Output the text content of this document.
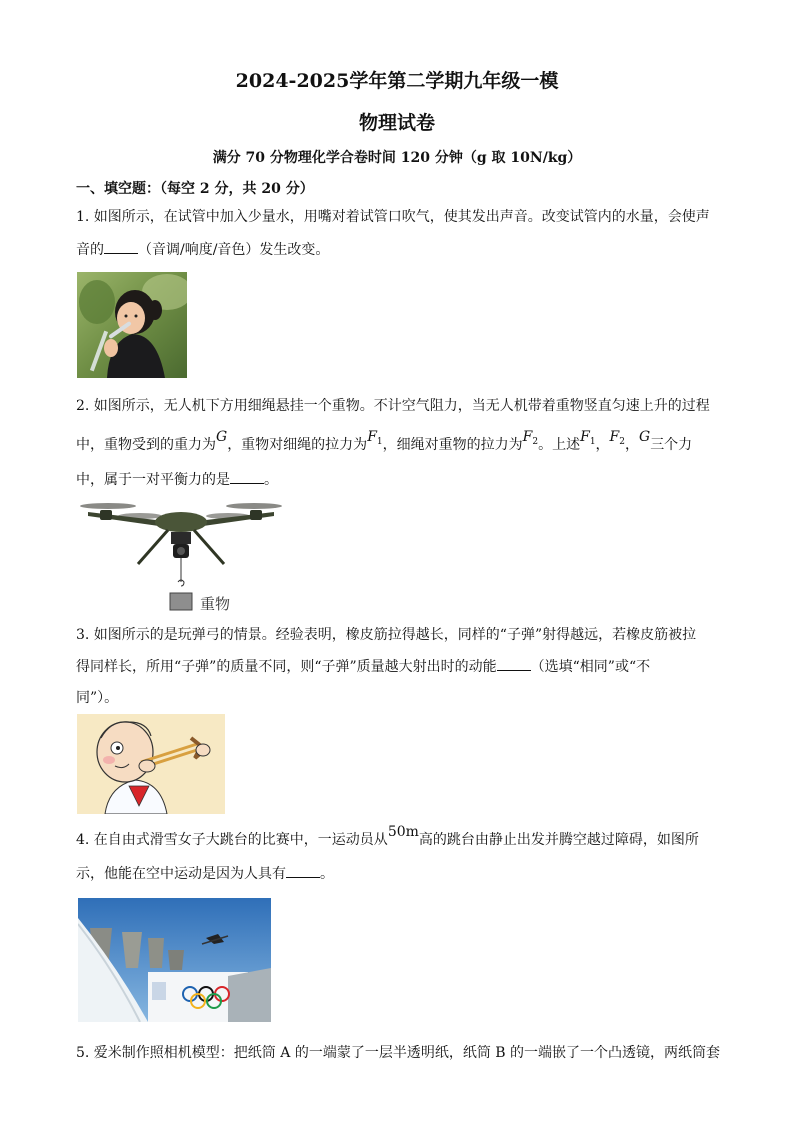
2024-2025学年第二学期九年级一模
物理试卷
满分 70 分物理化学合卷时间 120 分钟（g 取 10N/kg）
一、填空题：（每空 2 分，共 20 分）
1. 如图所示，在试管中加入少量水，用嘴对着试管口吹气，使其发出声音。改变试管内的水量，会使声
音的 （音调/响度/音色）发生改变。
2. 如图所示，无人机下方用细绳悬挂一个重物。不计空气阻力，当无人机带着重物竖直匀速上升的过程
中，重物受到的重力为G，重物对细绳的拉力为$F_1$，细绳对重物的拉力为$F_2$。上述$F_1$，$F_2$，G三个力
中，属于一对平衡力的是 。
重物
3. 如图所示的是玩弹弓的情景。经验表明，橡皮筋拉得越长，同样的“子弹”射得越远，若橡皮筋被拉
得同样长，所用“子弹”的质量不同，则“子弹”质量越大射出时的动能 （选填“相同”或“不
同”）。
4. 在自由式滑雪女子大跳台的比赛中，一运动员从50m高的跳台由静止出发并腾空越过障碍，如图所
示，他能在空中运动是因为人具有 。
5. 爱米制作照相机模型：把纸筒 A 的一端蒙了一层半透明纸，纸筒 B 的一端嵌了一个凸透镜，两纸筒套
